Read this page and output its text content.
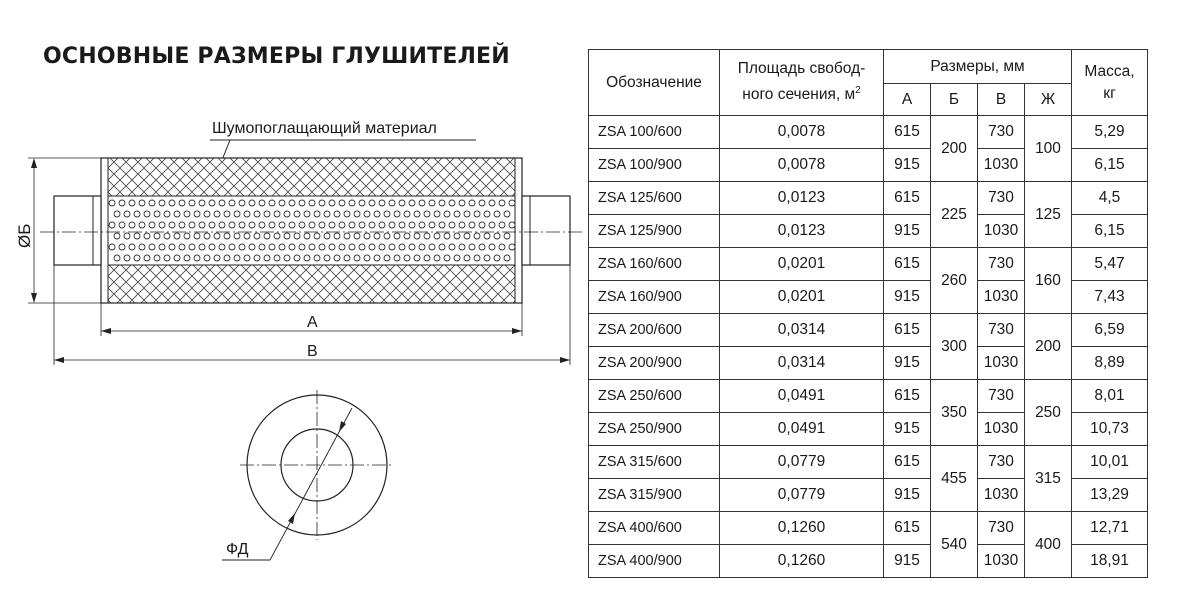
ОСНОВНЫЕ РАЗМЕРЫ ГЛУШИТЕЛЕЙ
Шумопоглащающий материал
ØБ
A
B
ФД
Обозначение	Площадь свобод-
ного сечения, $м^2$	Размеры, мм				Масса,
кг
		А	Б	В	Ж	
ZSA 100/600	0,0078	615	200	730	100	5,29
ZSA 100/900	0,0078	915		1030		6,15
ZSA 125/600	0,0123	615	225	730	125	4,5
ZSA 125/900	0,0123	915		1030		6,15
ZSA 160/600	0,0201	615	260	730	160	5,47
ZSA 160/900	0,0201	915		1030		7,43
ZSA 200/600	0,0314	615	300	730	200	6,59
ZSA 200/900	0,0314	915		1030		8,89
ZSA 250/600	0,0491	615	350	730	250	8,01
ZSA 250/900	0,0491	915		1030		10,73
ZSA 315/600	0,0779	615	455	730	315	10,01
ZSA 315/900	0,0779	915		1030		13,29
ZSA 400/600	0,1260	615	540	730	400	12,71
ZSA 400/900	0,1260	915		1030		18,91
